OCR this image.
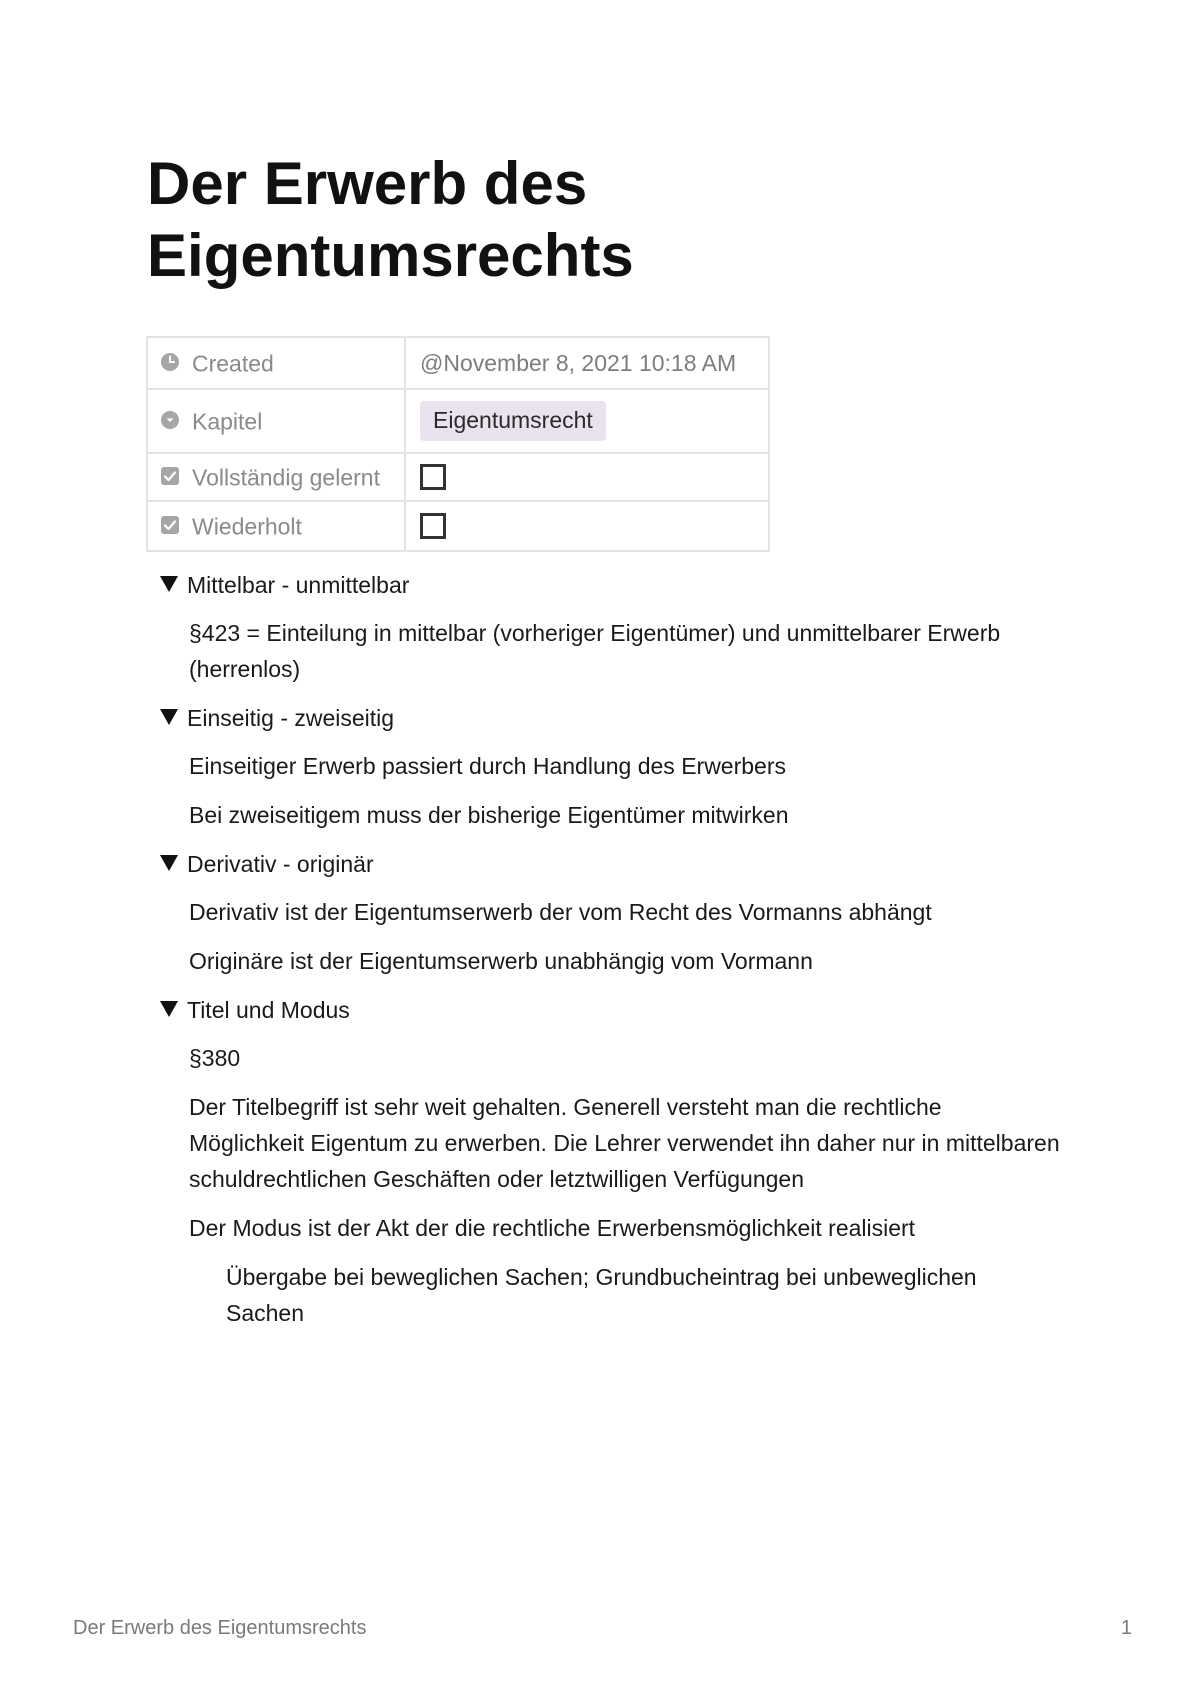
Der Erwerb des Eigentumsrechts
Created	@November 8, 2021 10:18 AM
Kapitel	Eigentumsrecht
Vollständig gelernt	
Wiederholt	
Mittelbar - unmittelbar

§423 = Einteilung in mittelbar (vorheriger Eigentümer) und unmittelbarer Erwerb (herrenlos)

Einseitig - zweiseitig

Einseitiger Erwerb passiert durch Handlung des Erwerbers

Bei zweiseitigem muss der bisherige Eigentümer mitwirken

Derivativ - originär

Derivativ ist der Eigentumserwerb der vom Recht des Vormanns abhängt

Originäre ist der Eigentumserwerb unabhängig vom Vormann

Titel und Modus

§380

Der Titelbegriff ist sehr weit gehalten. Generell versteht man die rechtliche Möglichkeit Eigentum zu erwerben. Die Lehrer verwendet ihn daher nur in mittelbaren schuldrechtlichen Geschäften oder letztwilligen Verfügungen

Der Modus ist der Akt der die rechtliche Erwerbensmöglichkeit realisiert

Übergabe bei beweglichen Sachen; Grundbucheintrag bei unbeweglichen Sachen

Der Erwerb des Eigentumsrechts	1
